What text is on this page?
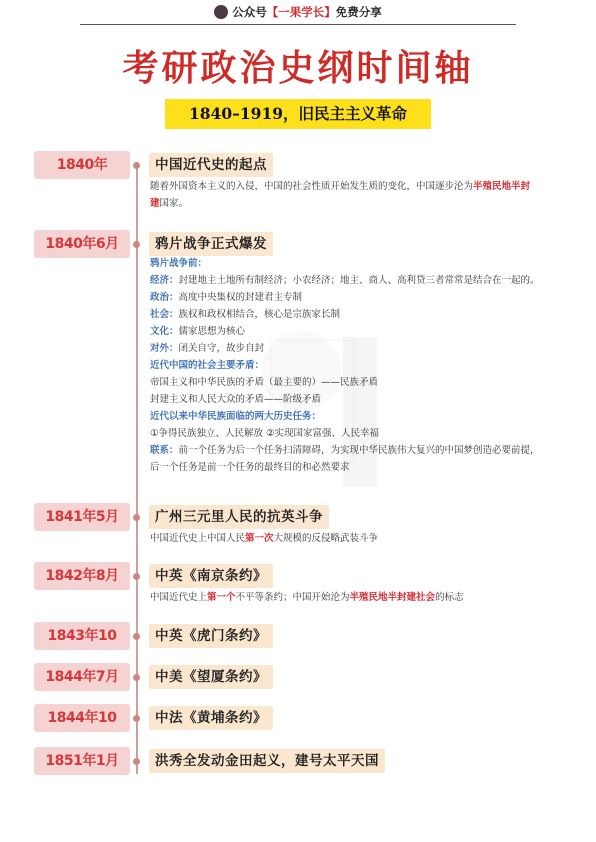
公众号【一果学长】免费分享
考研政治史纲时间轴
1840–1919，旧民主主义革命
1840年	中国近代史的起点
随着外国资本主义的入侵，中国的社会性质开始发生质的变化，中国逐步沦为半殖民地半封
建国家。
1840年6月	鸦片战争正式爆发
鸦片战争前：
经济：封建地主土地所有制经济；小农经济；地主、商人、高利贷三者常常是结合在一起的。
政治：高度中央集权的封建君主专制
社会：族权和政权相结合，核心是宗族家长制
文化：儒家思想为核心
对外：闭关自守，故步自封
近代中国的社会主要矛盾：
帝国主义和中华民族的矛盾（最主要的）——民族矛盾
封建主义和人民大众的矛盾——阶级矛盾
近代以来中华民族面临的两大历史任务：
①争得民族独立、人民解放 ②实现国家富强、人民幸福
联系：前一个任务为后一个任务扫清障碍，为实现中华民族伟大复兴的中国梦创造必要前提，
后一个任务是前一个任务的最终目的和必然要求
1841年5月	广州三元里人民的抗英斗争
中国近代史上中国人民第一次大规模的反侵略武装斗争
1842年8月	中英《南京条约》
中国近代史上第一个不平等条约；中国开始沦为半殖民地半封建社会的标志
1843年10	中英《虎门条约》
1844年7月	中美《望厦条约》
1844年10	中法《黄埔条约》
1851年1月	洪秀全发动金田起义，建号太平天国
